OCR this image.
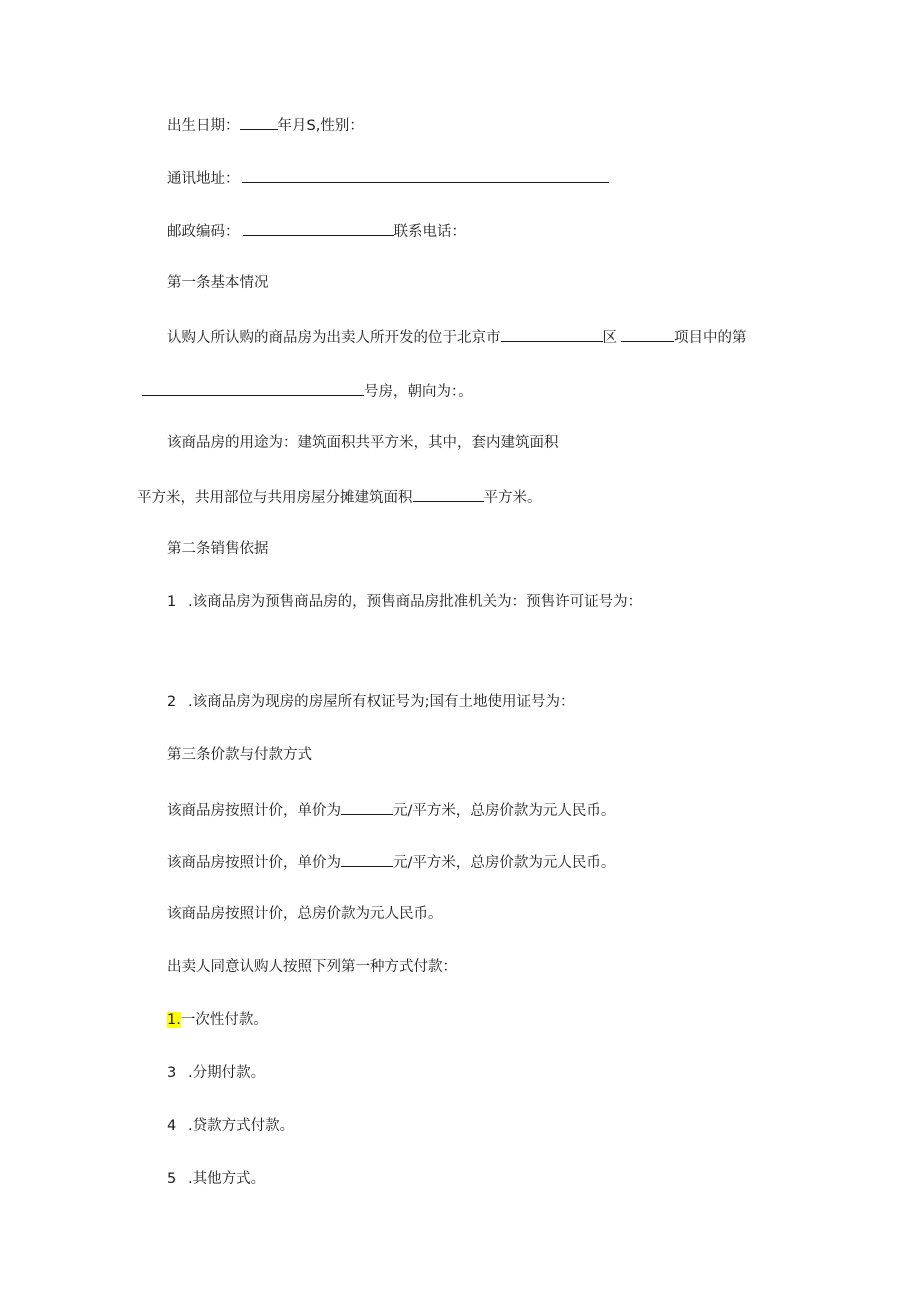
出生日期：	年月S,性别：
通讯地址：
邮政编码：	联系电话：
第一条基本情况
认购人所认购的商品房为出卖人所开发的位于北京市	区	项目中的第
号房，朝向为：。
该商品房的用途为：建筑面积共平方米，其中，套内建筑面积
平方米，共用部位与共用房屋分摊建筑面积	平方米。
第二条销售依据
1 .该商品房为预售商品房的，预售商品房批准机关为：预售许可证号为：
2 .该商品房为现房的房屋所有权证号为;国有土地使用证号为：
第三条价款与付款方式
该商品房按照计价，单价为	元/平方米，总房价款为元人民币。
该商品房按照计价，单价为	元/平方米，总房价款为元人民币。
该商品房按照计价，总房价款为元人民币。
出卖人同意认购人按照下列第一种方式付款：
1.一次性付款。
3 .分期付款。
4 .贷款方式付款。
5 .其他方式。
